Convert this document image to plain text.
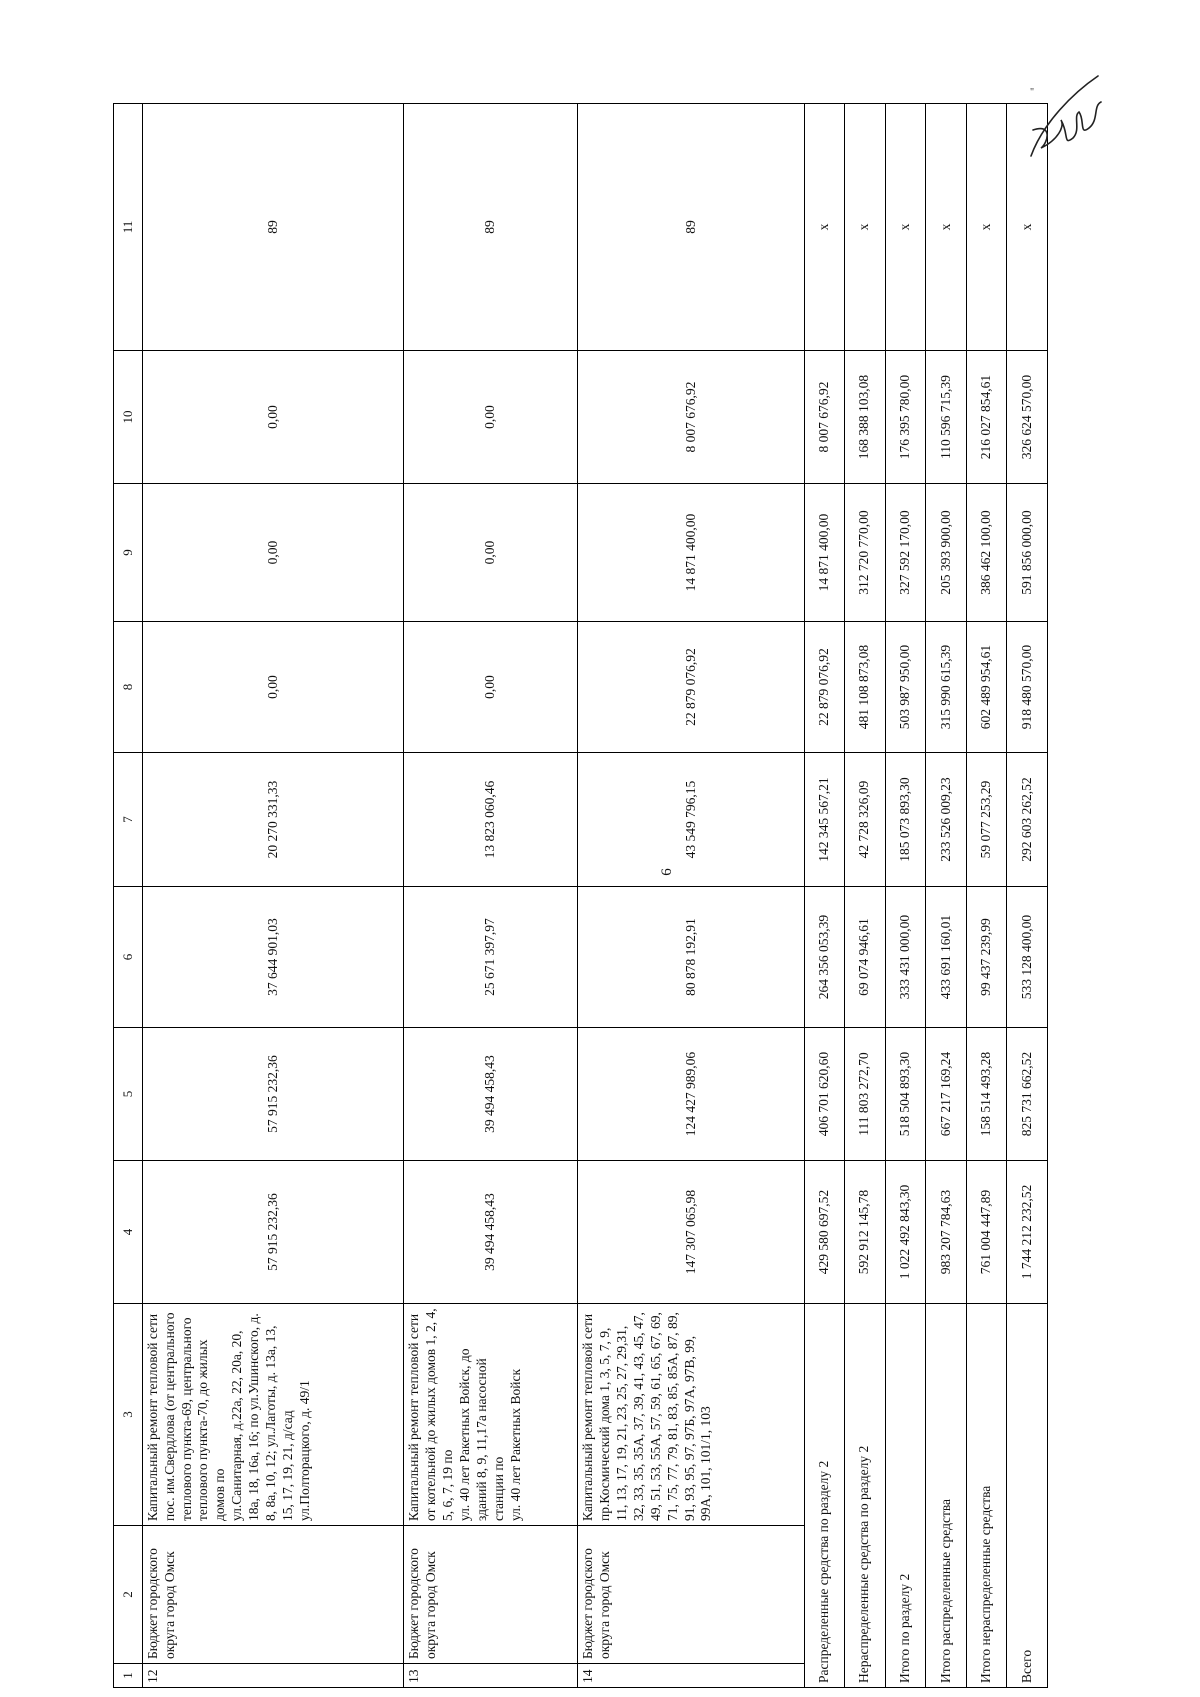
6
1	2	3	4	5	6	7	8	9	10	11
12	Бюджет городского округа город Омск	Капитальный ремонт тепловой сети пос. им.Свердлова (от центрального теплового пункта-69, центрального теплового пункта-70, до жилых домов по ул.Санитарная, д.22а, 22, 20а, 20, 18а, 18, 16а, 16; по ул.Ушинского, д. 8, 8а, 10, 12; ул.Лаготы, д. 13а, 13, 15, 17, 19, 21, д/сад ул.Полторацкого, д. 49/1	57 915 232,36	57 915 232,36	37 644 901,03	20 270 331,33	0,00	0,00	0,00	89
13	Бюджет городского округа город Омск	Капитальный ремонт тепловой сети от котельной до жилых домов 1, 2, 4, 5, 6, 7, 19 по ул. 40 лет Ракетных Войск, до зданий 8, 9, 11,17а насосной станции по ул. 40 лет Ракетных Войск	39 494 458,43	39 494 458,43	25 671 397,97	13 823 060,46	0,00	0,00	0,00	89
14	Бюджет городского округа город Омск	Капитальный ремонт тепловой сети пр.Космический дома 1, 3, 5, 7, 9, 11, 13, 17, 19, 21, 23, 25, 27, 29,31, 32, 33, 35, 35А, 37, 39, 41, 43, 45, 47, 49, 51, 53, 55А, 57, 59, 61, 65, 67, 69, 71, 75, 77, 79, 81, 83, 85, 85А, 87, 89, 91, 93, 95, 97, 97Б, 97А, 97В, 99, 99А, 101, 101/1, 103	147 307 065,98	124 427 989,06	80 878 192,91	43 549 796,15	22 879 076,92	14 871 400,00	8 007 676,92	89
Распределенные средства по разделу 2			429 580 697,52	406 701 620,60	264 356 053,39	142 345 567,21	22 879 076,92	14 871 400,00	8 007 676,92	х
Нераспределенные средства по разделу 2			592 912 145,78	111 803 272,70	69 074 946,61	42 728 326,09	481 108 873,08	312 720 770,00	168 388 103,08	х
Итого по разделу 2			1 022 492 843,30	518 504 893,30	333 431 000,00	185 073 893,30	503 987 950,00	327 592 170,00	176 395 780,00	х
Итого распределенные средства			983 207 784,63	667 217 169,24	433 691 160,01	233 526 009,23	315 990 615,39	205 393 900,00	110 596 715,39	х
Итого нераспределенные средства			761 004 447,89	158 514 493,28	99 437 239,99	59 077 253,29	602 489 954,61	386 462 100,00	216 027 854,61	х
Всего			1 744 212 232,52	825 731 662,52	533 128 400,00	292 603 262,52	918 480 570,00	591 856 000,00	326 624 570,00	х
"
